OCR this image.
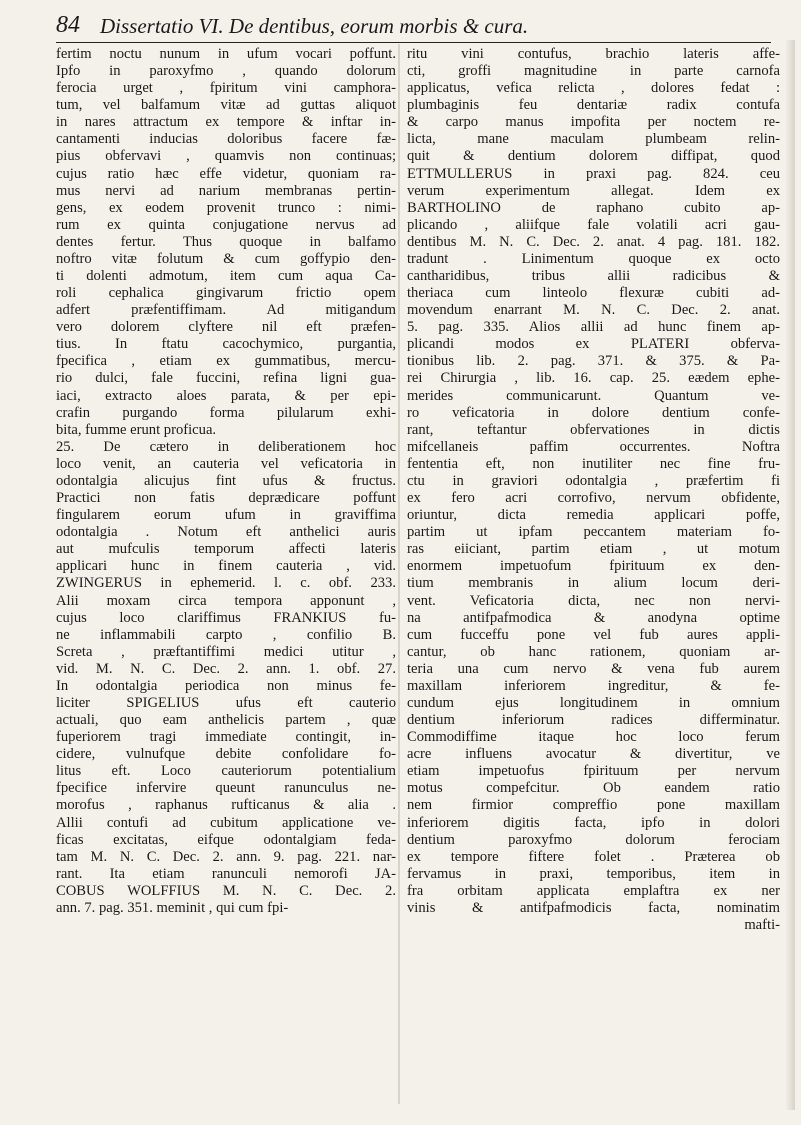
84 Dissertatio VI. De dentibus, eorum morbis & cura.
fertim noctu nunum in ufum vocari poffunt.
Ipfo in paroxyfmo , quando dolorum
ferocia urget , fpiritum vini camphora-
tum, vel balfamum vitæ ad guttas aliquot
in nares attractum ex tempore & inftar in-
cantamenti inducias doloribus facere fæ-
pius obfervavi , quamvis non continuas;
cujus ratio hæc effe videtur, quoniam ra-
mus nervi ad narium membranas pertin-
gens, ex eodem provenit trunco : nimi-
rum ex quinta conjugatione nervus ad
dentes fertur. Thus quoque in balfamo
noftro vitæ folutum & cum goffypio den-
ti dolenti admotum, item cum aqua Ca-
roli cephalica gingivarum frictio opem
adfert præfentiffimam. Ad mitigandum
vero dolorem clyftere nil eft præfen-
tius. In ftatu cacochymico, purgantia,
fpecifica , etiam ex gummatibus, mercu-
rio dulci, fale fuccini, refina ligni gua-
iaci, extracto aloes parata, & per epi-
crafin purgando forma pilularum exhi-
bita, fumme erunt proficua.
25. De cætero in deliberationem hoc
loco venit, an cauteria vel veficatoria in
odontalgia alicujus fint ufus & fructus.
Practici non fatis deprædicare poffunt
fingularem eorum ufum in graviffima
odontalgia . Notum eft anthelici auris
aut mufculis temporum affecti lateris
applicari hunc in finem cauteria , vid.
ZWINGERUS in ephemerid. l. c. obf. 233.
Alii moxam circa tempora apponunt ,
cujus loco clariffimus FRANKIUS fu-
ne inflammabili carpto , confilio B.
Screta , præftantiffimi medici utitur ,
vid. M. N. C. Dec. 2. ann. 1. obf. 27.
In odontalgia periodica non minus fe-
liciter SPIGELIUS ufus eft cauterio
actuali, quo eam anthelicis partem , quæ
fuperiorem tragi immediate contingit, in-
cidere, vulnufque debite confolidare fo-
litus eft. Loco cauteriorum potentialium
fpecifice infervire queunt ranunculus ne-
morofus , raphanus rufticanus & alia .
Allii contufi ad cubitum applicatione ve-
ficas excitatas, eifque odontalgiam feda-
tam M. N. C. Dec. 2. ann. 9. pag. 221. nar-
rant. Ita etiam ranunculi nemorofi JA-
COBUS WOLFFIUS M. N. C. Dec. 2.
ann. 7. pag. 351. meminit , qui cum fpi-
ritu vini contufus, brachio lateris affe-
cti, groffi magnitudine in parte carnofa
applicatus, vefica relicta , dolores fedat :
plumbaginis feu dentariæ radix contufa
& carpo manus impofita per noctem re-
licta, mane maculam plumbeam relin-
quit & dentium dolorem diffipat, quod
ETTMULLERUS in praxi pag. 824. ceu
verum experimentum allegat. Idem ex
BARTHOLINO de raphano cubito ap-
plicando , aliifque fale volatili acri gau-
dentibus M. N. C. Dec. 2. anat. 4 pag. 181. 182.
tradunt . Linimentum quoque ex octo
cantharidibus, tribus allii radicibus &
theriaca cum linteolo flexuræ cubiti ad-
movendum enarrant M. N. C. Dec. 2. anat.
5. pag. 335. Alios allii ad hunc finem ap-
plicandi modos ex PLATERI obferva-
tionibus lib. 2. pag. 371. & 375. & Pa-
rei Chirurgia , lib. 16. cap. 25. eædem ephe-
merides communicarunt. Quantum ve-
ro veficatoria in dolore dentium confe-
rant, teftantur obfervationes in dictis
mifcellaneis paffim occurrentes. Noftra
fententia eft, non inutiliter nec fine fru-
ctu in graviori odontalgia , præfertim fi
ex fero acri corrofivo, nervum obfidente,
oriuntur, dicta remedia applicari poffe,
partim ut ipfam peccantem materiam fo-
ras eiiciant, partim etiam , ut motum
enormem impetuofum fpirituum ex den-
tium membranis in alium locum deri-
vent. Veficatoria dicta, nec non nervi-
na antifpafmodica & anodyna optime
cum fucceffu pone vel fub aures appli-
cantur, ob hanc rationem, quoniam ar-
teria una cum nervo & vena fub aurem
maxillam inferiorem ingreditur, & fe-
cundum ejus longitudinem in omnium
dentium inferiorum radices differminatur.
Commodiffime itaque hoc loco ferum
acre influens avocatur & divertitur, ve
etiam impetuofus fpirituum per nervum
motus compefcitur. Ob eandem ratio
nem firmior compreffio pone maxillam
inferiorem digitis facta, ipfo in dolori
dentium paroxyfmo dolorum ferociam
ex tempore fiftere folet . Præterea ob
fervamus in praxi, temporibus, item in
fra orbitam applicata emplaftra ex ner
vinis & antifpafmodicis facta, nominatim
mafti-
